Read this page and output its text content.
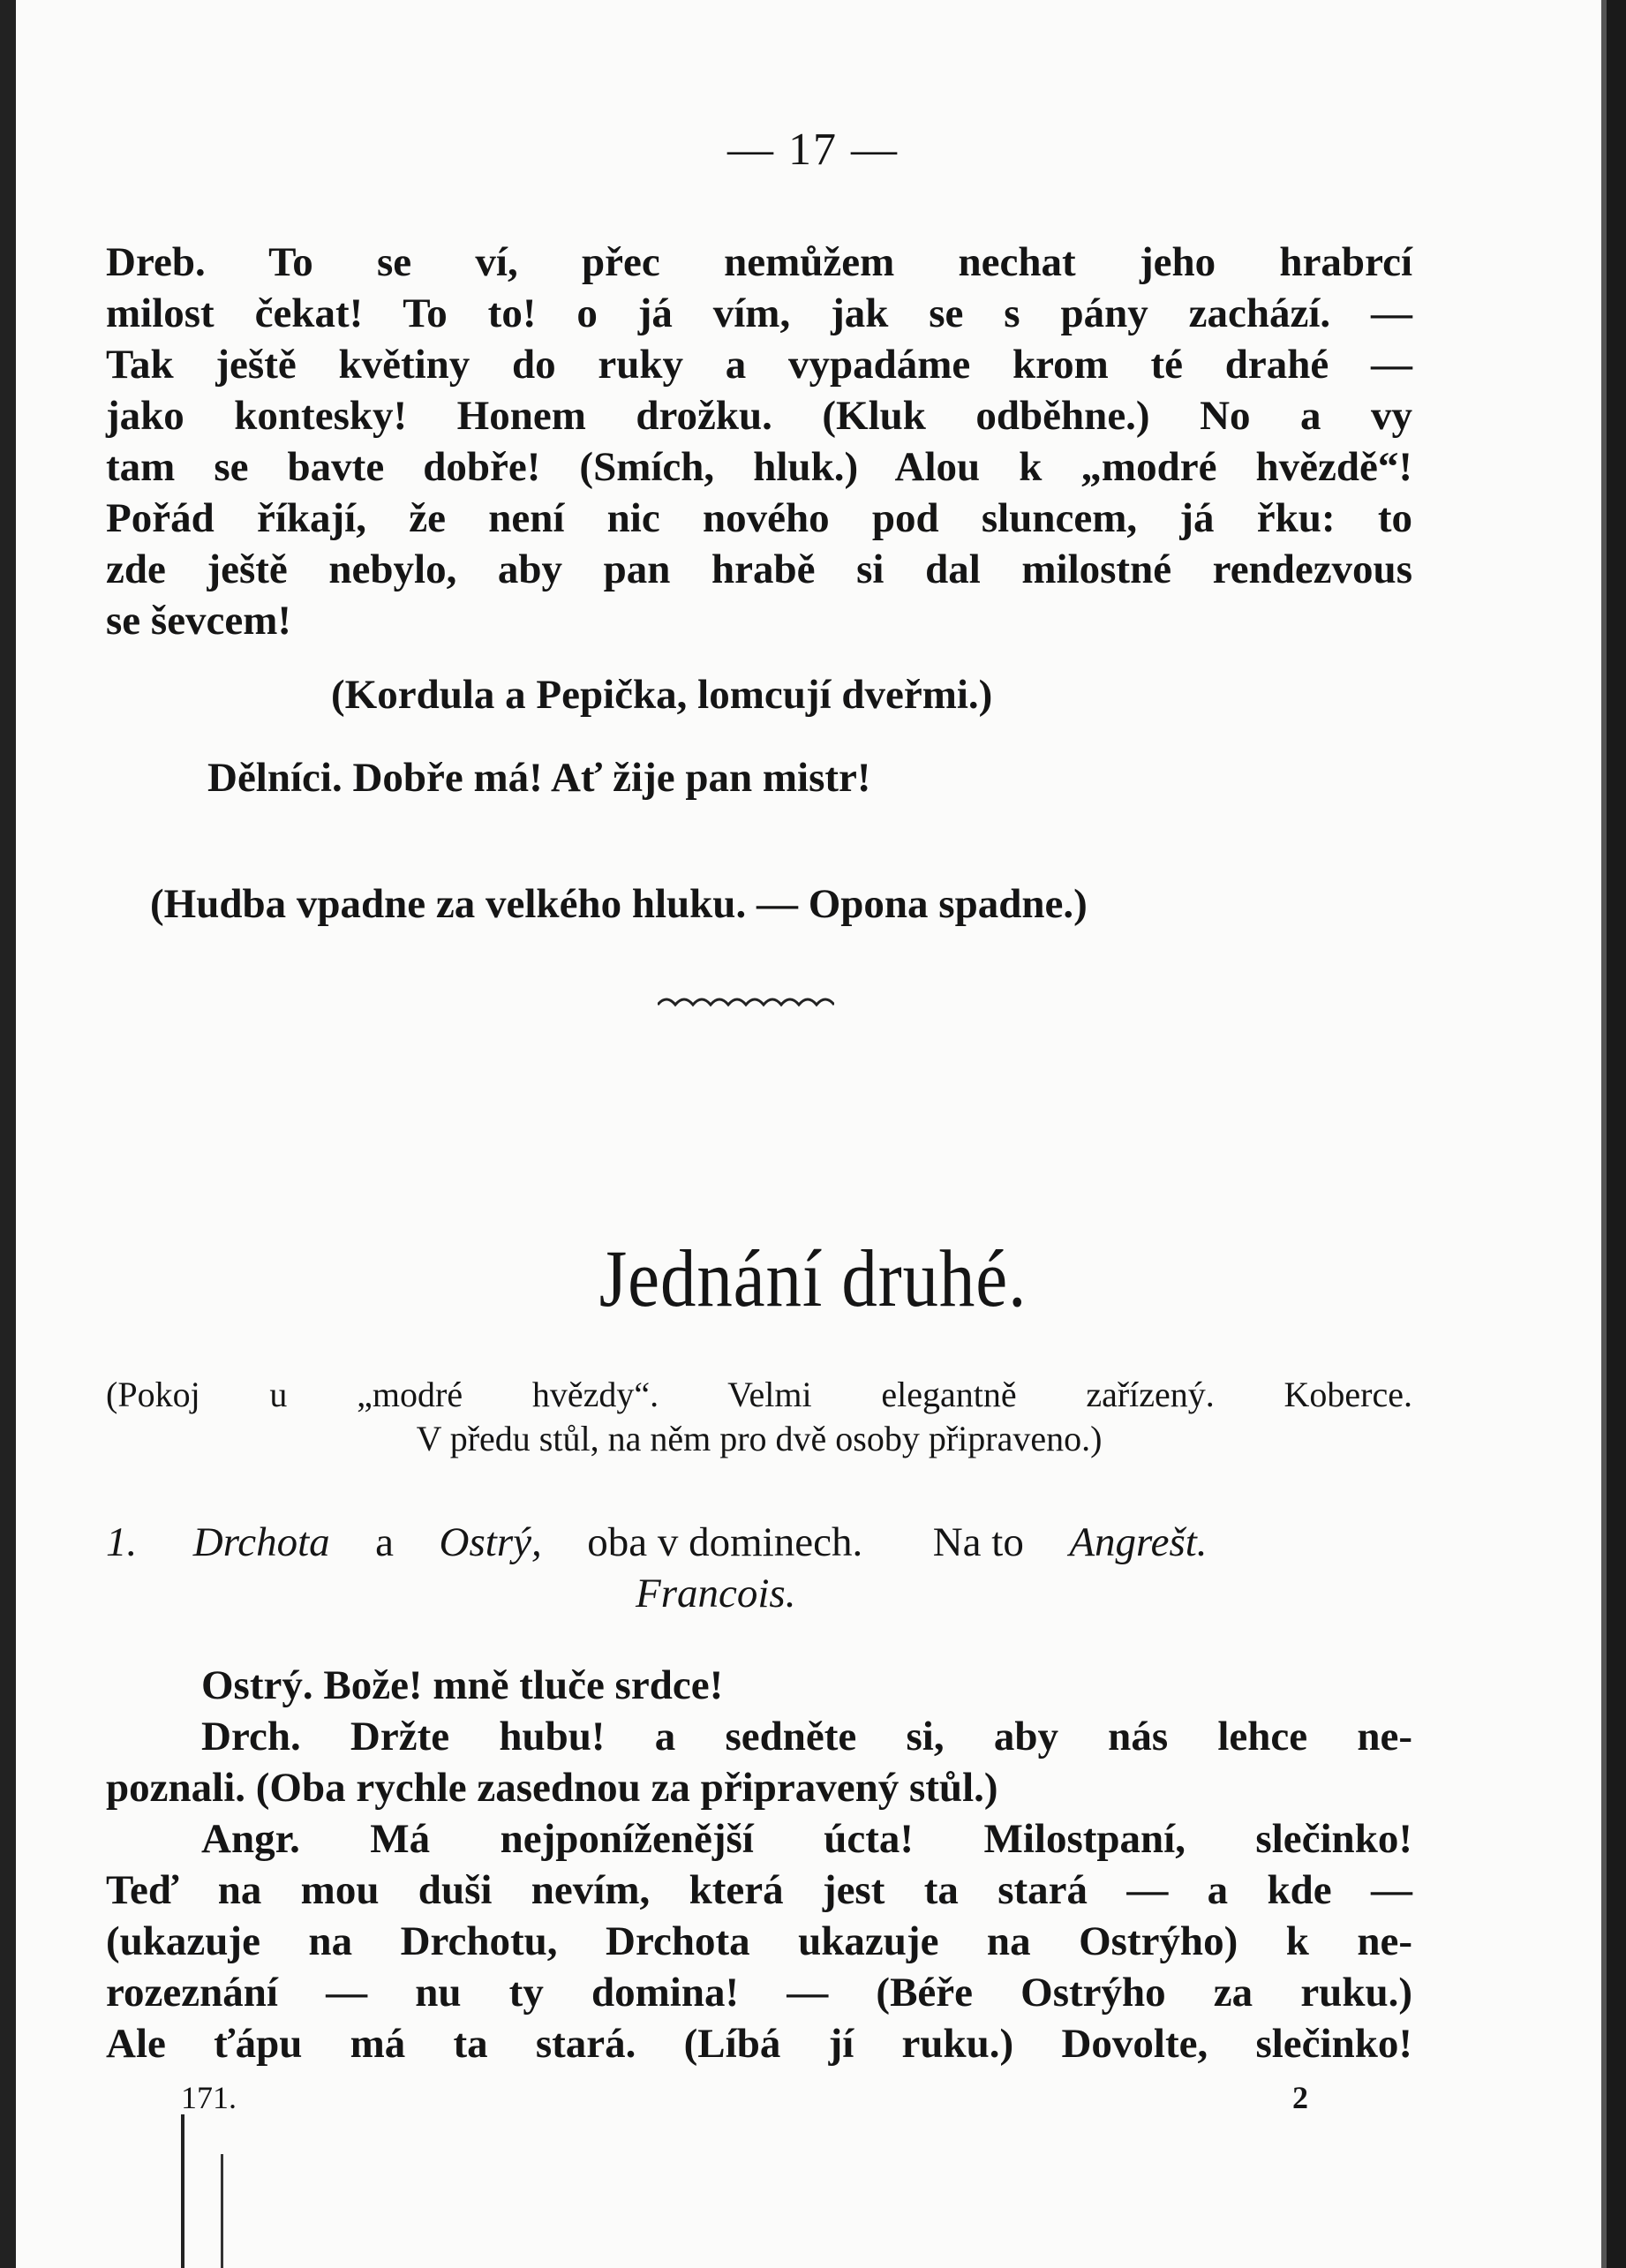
— 17 —
Dreb. To se ví, přec nemůžem nechat jeho hrabrcí
milost čekat! To to! o já vím, jak se s pány zachází. —
Tak ještě květiny do ruky a vypadáme krom té drahé —
jako kontesky! Honem drožku. (Kluk odběhne.) No a vy
tam se bavte dobře! (Smích, hluk.) Alou k „modré hvězdě“!
Pořád říkají, že není nic nového pod sluncem, já řku: to
zde ještě nebylo, aby pan hrabě si dal milostné rendezvous
se ševcem!
(Kordula a Pepička, lomcují dveřmi.)
Dělníci. Dobře má! Ať žije pan mistr!
(Hudba vpadne za velkého hluku. — Opona spadne.)
Jednání druhé.
(Pokoj u „modré hvězdy“. Velmi elegantně zařízený. Koberce.
V předu stůl, na něm pro dvě osoby připraveno.)
1. Drchota a Ostrý, oba v dominech. Na to Angrešt.
Francois.
Ostrý. Bože! mně tluče srdce!
Drch. Držte hubu! a sedněte si, aby nás lehce ne-
poznali. (Oba rychle zasednou za připravený stůl.)
Angr. Má nejponíženější úcta! Milostpaní, slečinko!
Teď na mou duši nevím, která jest ta stará — a kde —
(ukazuje na Drchotu, Drchota ukazuje na Ostrýho) k ne-
rozeznání — nu ty domina! — (Béře Ostrýho za ruku.)
Ale ťápu má ta stará. (Líbá jí ruku.) Dovolte, slečinko!
171.	2
